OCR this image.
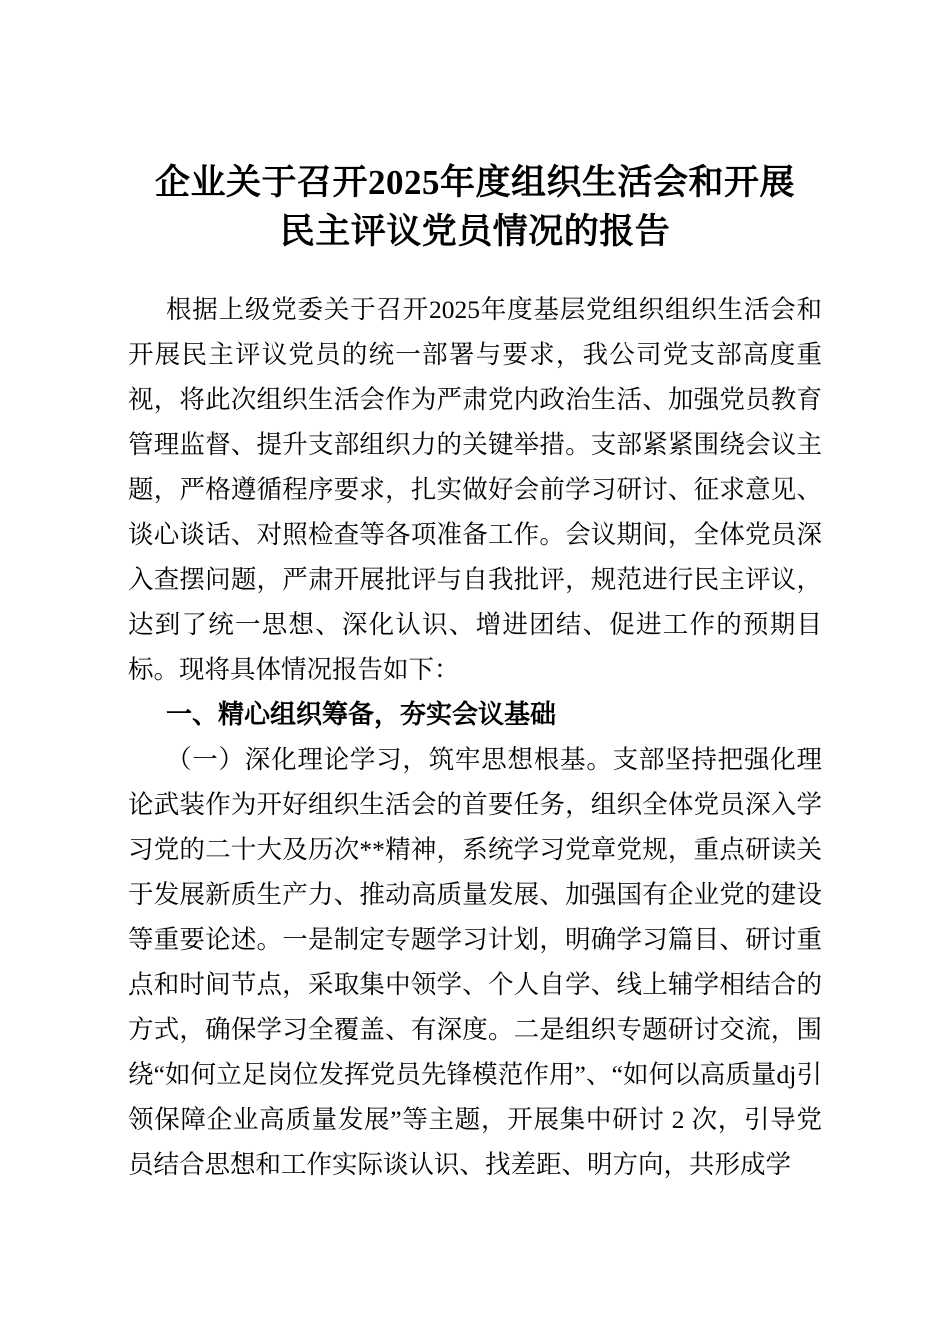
企业关于召开2025年度组织生活会和开展
民主评议党员情况的报告

根据上级党委关于召开2025年度基层党组织组织生活会和开展民主评议党员的统一部署与要求，我公司党支部高度重视，将此次组织生活会作为严肃党内政治生活、加强党员教育管理监督、提升支部组织力的关键举措。支部紧紧围绕会议主题，严格遵循程序要求，扎实做好会前学习研讨、征求意见、谈心谈话、对照检查等各项准备工作。会议期间，全体党员深入查摆问题，严肃开展批评与自我批评，规范进行民主评议，达到了统一思想、深化认识、增进团结、促进工作的预期目标。现将具体情况报告如下：

一、精心组织筹备，夯实会议基础

（一）深化理论学习，筑牢思想根基。支部坚持把强化理论武装作为开好组织生活会的首要任务，组织全体党员深入学习党的二十大及历次**精神，系统学习党章党规，重点研读关于发展新质生产力、推动高质量发展、加强国有企业党的建设等重要论述。一是制定专题学习计划，明确学习篇目、研讨重点和时间节点，采取集中领学、个人自学、线上辅学相结合的方式，确保学习全覆盖、有深度。二是组织专题研讨交流，围绕“如何立足岗位发挥党员先锋模范作用”、“如何以高质量dj引领保障企业高质量发展”等主题，开展集中研讨 2 次，引导党员结合思想和工作实际谈认识、找差距、明方向，共形成学
